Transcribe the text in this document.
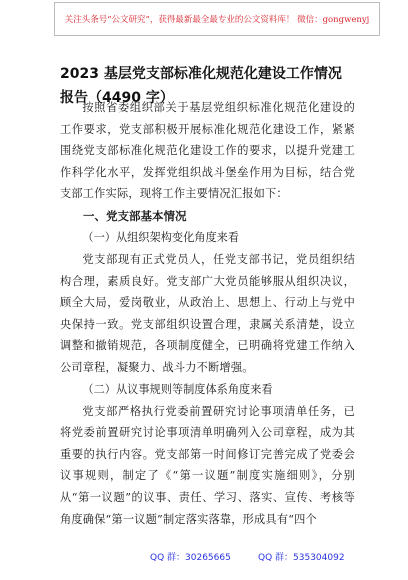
关注头条号“公文研究”，获得最新最全最专业的公文资料库！ 微信：gongwenyj
2023 基层党支部标准化规范化建设工作情况报告（4490 字）

按照省委组织部关于基层党组织标准化规范化建设的工作要求，党支部积极开展标准化规范化建设工作，紧紧围绕党支部标准化规范化建设工作的要求，以提升党建工作科学化水平，发挥党组织战斗堡垒作用为目标，结合党支部工作实际，现将工作主要情况汇报如下：

一、党支部基本情况

（一）从组织架构变化角度来看

党支部现有正式党员人，任党支部书记，党员组织结构合理，素质良好。党支部广大党员能够服从组织决议，顾全大局，爱岗敬业，从政治上、思想上、行动上与党中央保持一致。党支部组织设置合理，隶属关系清楚，设立调整和撤销规范，各项制度健全，已明确将党建工作纳入公司章程，凝聚力、战斗力不断增强。

（二）从议事规则等制度体系角度来看

党支部严格执行党委前置研究讨论事项清单任务，已将党委前置研究讨论事项清单明确列入公司章程，成为其重要的执行内容。党支部第一时间修订完善完成了党委会议事规则，制定了《“第一议题”制度实施细则》，分别从“第一议题”的议事、责任、学习、落实、宣传、考核等角度确保“第一议题”制定落实落靠，形成具有“四个

QQ 群：30265665	QQ 群：535304092
